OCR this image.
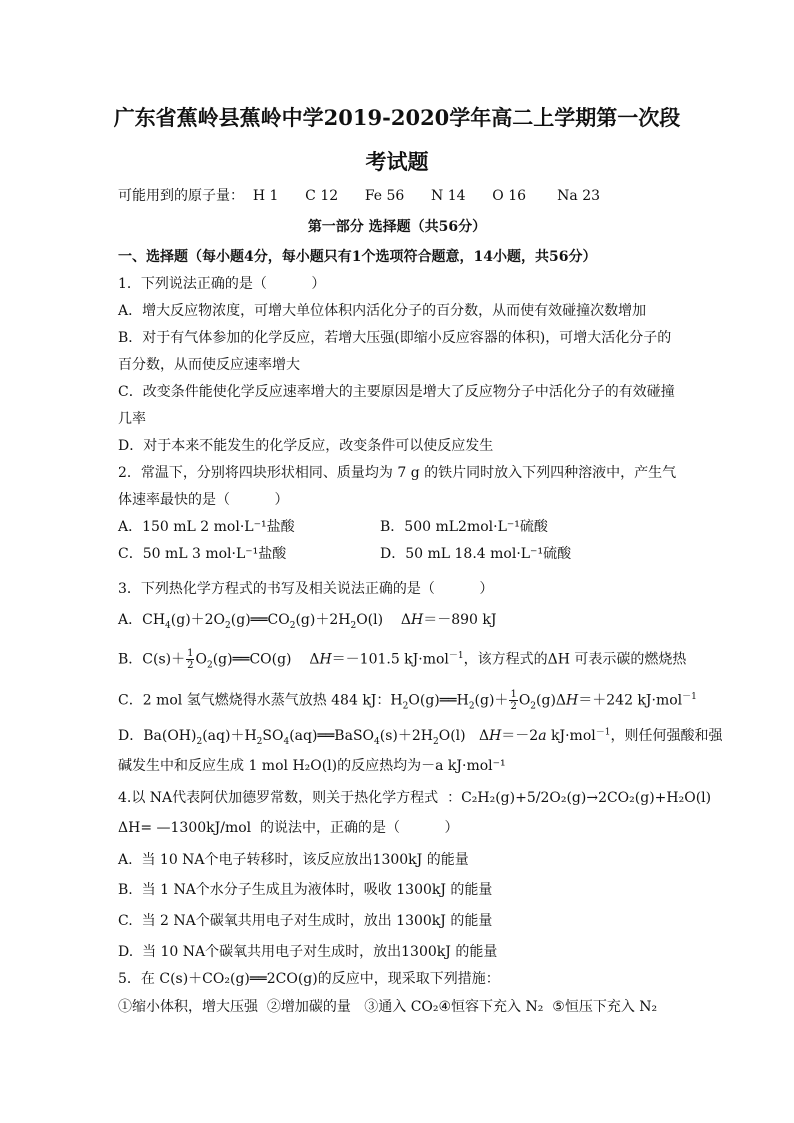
广东省蕉岭县蕉岭中学2019-2020学年高二上学期第一次段
考试题
可能用到的原子量：  H 1      C 12      Fe 56      N 14      O 16       Na 23
第一部分 选择题（共56分）
一、选择题（每小题4分，每小题只有1个选项符合题意，14小题，共56分）
1．下列说法正确的是（          ）
A．增大反应物浓度，可增大单位体积内活化分子的百分数，从而使有效碰撞次数增加
B．对于有气体参加的化学反应，若增大压强(即缩小反应容器的体积)，可增大活化分子的
百分数，从而使反应速率增大
C．改变条件能使化学反应速率增大的主要原因是增大了反应物分子中活化分子的有效碰撞
几率
D．对于本来不能发生的化学反应，改变条件可以使反应发生
2．常温下，分别将四块形状相同、质量均为 7 g 的铁片同时放入下列四种溶液中，产生气
体速率最快的是（          ）
A．150 mL 2 mol·L⁻¹盐酸	B．500 mL2mol·L⁻¹硫酸
C．50 mL 3 mol·L⁻¹盐酸	D．50 mL 18.4 mol·L⁻¹硫酸
3．下列热化学方程式的书写及相关说法正确的是（          ）
A．$CH_4(g)+2O_2(g)══CO_2(g)+2H_2O(l)$    ΔH＝－890 kJ
B．$C(s)+ \frac{1}{2}$ $O_2(g)══CO(g)$    ΔH＝－101.5 kJ·mol$^{-1}$，该方程式的ΔH 可表示碳的燃烧热
C．2 mol 氢气燃烧得水蒸气放热 484 kJ：$H_2O(g)══H_2(g)+ \frac{1}{2} O_2(g)\Delta H=+242$ kJ·mol$^{-1}$
D．$Ba(OH)_2(aq)+H_2SO_4(aq)══BaSO_4(s)+2H_2O(l)$   ΔH＝－2a kJ·mol$^{-1}$，则任何强酸和强
碱发生中和反应生成 1 mol H₂O(l)的反应热均为－a kJ·mol⁻¹
4.以 NA代表阿伏加德罗常数，则关于热化学方程式  ：C₂H₂(g)+5/2O₂(g)→2CO₂(g)+H₂O(l)
ΔH= —1300kJ/mol  的说法中，正确的是（          ）
A.  当 10 NA个电子转移时，该反应放出1300kJ 的能量
B.  当 1 NA个水分子生成且为液体时，吸收 1300kJ 的能量
C.  当 2 NA个碳氧共用电子对生成时，放出 1300kJ 的能量
D.  当 10 NA个碳氧共用电子对生成时，放出1300kJ 的能量
5．在 C(s)＋CO₂(g)══2CO(g)的反应中，现采取下列措施：
①缩小体积，增大压强  ②增加碳的量   ③通入 CO₂④恒容下充入 N₂  ⑤恒压下充入 N₂
